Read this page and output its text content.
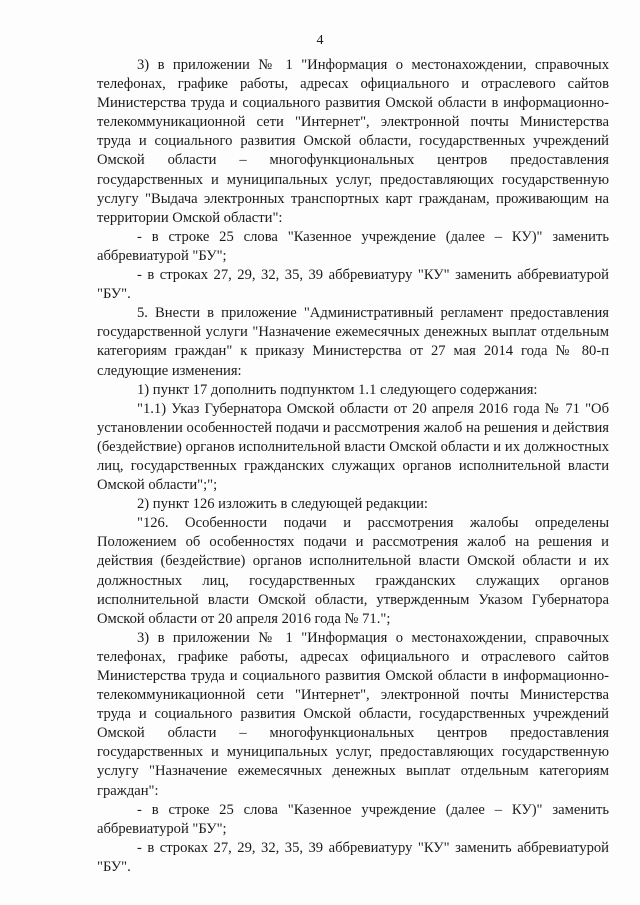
4

3) в приложении № 1 "Информация о местонахождении, справочных телефонах, графике работы, адресах официального и отраслевого сайтов Министерства труда и социального развития Омской области в информационно-телекоммуникационной сети "Интернет", электронной почты Министерства труда и социального развития Омской области, государственных учреждений Омской области – многофункциональных центров предоставления государственных и муниципальных услуг, предоставляющих государственную услугу "Выдача электронных транспортных карт гражданам, проживающим на территории Омской области":

- в строке 25 слова "Казенное учреждение (далее – КУ)" заменить аббревиатурой "БУ";

- в строках 27, 29, 32, 35, 39 аббревиатуру "КУ" заменить аббревиатурой "БУ".

5. Внести в приложение "Административный регламент предоставления государственной услуги "Назначение ежемесячных денежных выплат отдельным категориям граждан" к приказу Министерства от 27 мая 2014 года № 80-п следующие изменения:

1) пункт 17 дополнить подпунктом 1.1 следующего содержания:

"1.1) Указ Губернатора Омской области от 20 апреля 2016 года № 71 "Об установлении особенностей подачи и рассмотрения жалоб на решения и действия (бездействие) органов исполнительной власти Омской области и их должностных лиц, государственных гражданских служащих органов исполнительной власти Омской области";";

2) пункт 126 изложить в следующей редакции:

"126. Особенности подачи и рассмотрения жалобы определены Положением об особенностях подачи и рассмотрения жалоб на решения и действия (бездействие) органов исполнительной власти Омской области и их должностных лиц, государственных гражданских служащих органов исполнительной власти Омской области, утвержденным Указом Губернатора Омской области от 20 апреля 2016 года № 71.";

3) в приложении № 1 "Информация о местонахождении, справочных телефонах, графике работы, адресах официального и отраслевого сайтов Министерства труда и социального развития Омской области в информационно-телекоммуникационной сети "Интернет", электронной почты Министерства труда и социального развития Омской области, государственных учреждений Омской области – многофункциональных центров предоставления государственных и муниципальных услуг, предоставляющих государственную услугу "Назначение ежемесячных денежных выплат отдельным категориям граждан":

- в строке 25 слова "Казенное учреждение (далее – КУ)" заменить аббревиатурой "БУ";

- в строках 27, 29, 32, 35, 39 аббревиатуру "КУ" заменить аббревиатурой "БУ".
